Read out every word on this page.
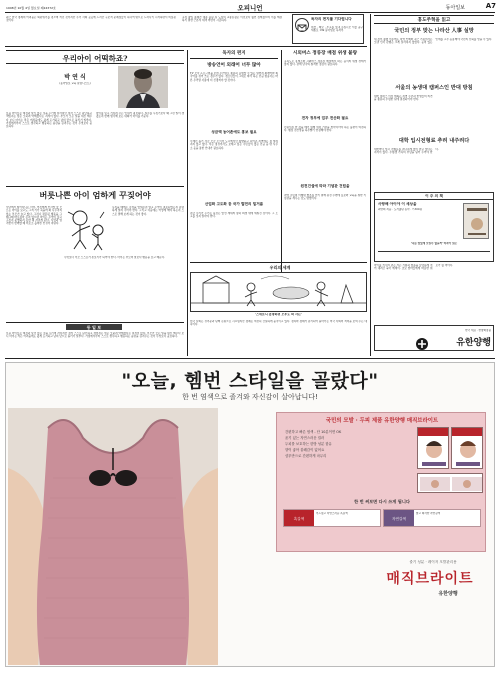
1998년 10월 4일 월요일 제24372호	오피니언	동아일보	A7
최근 한국 경제의 어려움은 외환위기를 겪으며 커진 것이지만 우리 사회 곳곳에 드러난 구조적 문제점들이 하나씩 밖으로 드러나기 시작하면서 비롯된 것이다.
고정 출입 통제가 대폭 풀린 뒤 도심의 교통혼잡은 이전보다 훨씬 심해졌으며 이를 해결하기 위한 근본적 대책 마련이 시급하다.	독자의 편지를 기다립니다
의견 · 제보 · 투고를 보내 주십시오 서울 중구 세종로 139 동아일보 독자부
우리아이 어떡하죠?
박 연 식
(동아일보 교육 칼럼니스트)
요즘 아이들은 예전과 달리 많은 것을 누리며 자라지만 정작 스스로 판단하고 책임지는 힘은 오히려 약해졌다는 지적이 많다. 부모가 모든 일을 대신 해주다 보니 아이는 작은 어려움에도 쉽게 포기하고 남의 탓으로 돌리기 일쑤다. 가정에서부터 스스로 생각하고 행동하는 습관을 길러주는 것이 무엇보다 중요하다.
아이를 믿고 기다려 주는 인내가 필요하다. 실수를 꾸짖기보다 왜 그런 일이 생겼는지 함께 생각해 보는 대화가 아이를 키운다.
버릇나쁜 아이 엄하게 꾸짖어야
식당에서 뛰어다니는 아이, 어른에게 인사할 줄 모르는 아이를 보고도 그저 기가 죽을까 봐 나무라지 않는 부모가 늘고 있다. 그러나 잘못된 행동을 그때그때 바로잡아 주지 않으면 아이는 무엇이 옳고 그른지 분별하지 못한 채 자라게 된다. 사랑과 엄격함이 함께할 때 비로소 올바른 인성이 자란다.
꾸짖을 때에는 감정을 앞세우지 말고 무엇이 잘못되었는지 분명하게 알려 주어야 한다. 그리고 다음에는 어떻게 해야 하는지 스스로 말해 보게 하는 것이 좋다.
무엇보다 부모 스스로가 본보기가 되어야 한다. 아이는 부모의 말보다 행동을 보고 배운다.
동 일 보
요즘 아이들은 예전과 달리 많은 것을 누리며 자라지만 정작 스스로 판단하고 책임지는 힘은 오히려 약해졌다는 지적이 많다. 부모가 모든 일을 대신 해주다 보니 아이는 작은 어려움에도 쉽게 포기하고 남의 탓으로 돌리기 일쑤다. 가정에서부터 스스로 생각하고 행동하는 습관을 길러주는 것이 무엇보다 중요하다.
독자의 편지
방송언어 외래어 너무 많아
TV 오락 프로그램을 보면 우리말로 충분히 표현할 수 있는 말까지 외래어와 외국어를 섞어 쓰는 경우가 많다. 청소년들이 그대로 따라 하는 만큼 방송사는 바른 우리말 사용에 더 신경써야 할 것이다.
성금액 농어촌에도 홍보 필요
수재민 돕기 성금 모금 소식이 도시에서만 활발하고 농어촌 지역에는 잘 알려지지 않고 있다. 작은 정성이라도 보태고 싶은 주민들이 많은 만큼 읍 면 사무소 등을 통한 안내가 필요하다.
산업화 고도화 등 국가 발전의 밑거름
지금 우리가 누리는 풍요는 앞선 세대의 땀과 희생 위에 세워진 것이다. 그 노고를 잊지 말아야 한다.
시외버스 정류장 매점 위생 불량
고속도로 휴게소와 시외버스 정류장 매점에서 파는 음식의 위생 상태가 좋지 않다. 관계 당국의 철저한 점검이 필요하다.
전자 정부에 업무 전산화 필요
민원서류 한 장을 떼기 위해 여러 기관을 찾아다녀야 하는 불편이 여전하다. 행정 전산망을 하루빨리 연결해야 한다.
원전건설에 따라 기념관 건립을
지역 주민의 이해와 협조를 얻기 위해 원전 주변에 홍보와 교육을 위한 기념관을 세우는 것도 방법이다.
우리의 세계
'스네로니 볼멍하면 오후도 와 사는'
미국 사회는 성추문과 탄핵 논란으로 시끄럽지만 경제는 여전히 건실하게 움직이고 있다. 정치와 경제가 분리되어 돌아가는 미국 사회의 저력을 보여 주는 대목이다.
홍도주혁을 읽고
국민의 정부 맞는 나라산 人事 실망
새 정부 출범 이후에도 지역 안배와 측근 기용이라는 오랜 인사 관행은 크게 달라지지 않았다. 능력 있는 인재를 고루 등용해야 국민의 신뢰를 얻을 수 있다.
서울의 농생대 캠퍼스인 반대 방침
대학 캠퍼스 이전 계획은 지역 주민과 학생들의 의견을 충분히 수렴한 뒤에 결정되어야 한다.
대학 입시전형료 추려 내주려다
대학마다 입시 전형료를 지나치게 많이 받고 있다는 지적이 많다. 수험생 가족의 부담을 덜어 주어야 한다.
이 주 의 책
사랑해 아이야 이 세상을
최연희 지음 · 도서출판 동아 · 7,500원
'나를 멋있게 보일수 없을까' 여자가 읽는
아이를 키우며 겪은 작은 기쁨과 슬픔을 담담하게 적어 내려간 육아 에세이. 초보 엄마들에게 따뜻한 위로가 될 책이다.
한국 대표 · 한방화장품
유한양행
"오늘, 헴번 스타일을 골랐다"
한 번 염색으로 졸겨와 자신감이 살아납니다!
국민의 모발 · 두피 제품 유한양행 매직브라이트
간편하고 빠른 염색 - 단 10분이면 OK
윤기 있는 자연스러운 컬러
두피를 보호하는 한방 성분 함유
향이 좋아 불쾌감이 없어요
샴푸만으로 간편하게 마무리
한 번 써보면 다시 쓰게 됩니다
흑갈색
부드럽고 자연스러운 흑갈색
자연갈색
밝고 화사한 자연갈색
줄기 성분 · 레이저 모발관리용
매직브라이트
유한양행
